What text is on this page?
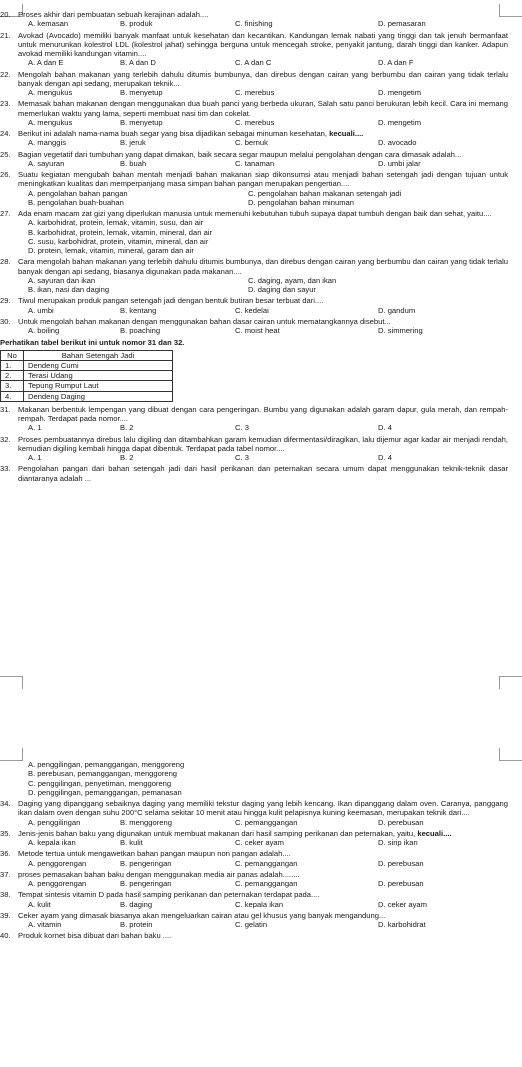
20. Proses akhir dari pembuatan sebuah kerajinan adalah....
A. kemasan	B. produk	C. finishing	D. pemasaran
21. Avokad (Avocado) memiliki banyak manfaat untuk kesehatan dan kecantikan. Kandungan lemak nabati yang tinggi dan tak jenuh bermanfaat untuk menurunkan kolestrol LDL (kolestrol jahat) sehingga berguna untuk mencegah stroke, penyakit jantung, darah tinggi dan kanker. Adapun avokad memiliki kandungan vitamin....
A. A dan E	B. A dan D	C. A dan C	D. A dan F
22. Mengolah bahan makanan yang terlebih dahulu ditumis bumbunya, dan direbus dengan cairan yang berbumbu dan cairan yang tidak terlalu banyak dengan api sedang, merupakan teknik...
A. mengukus	B. menyetup	C. merebus	D. mengetim
23. Memasak bahan makanan dengan menggunakan dua buah panci yang berbeda ukuran, Salah satu panci berukuran lebih kecil. Cara ini memang memerlukan waktu yang lama, seperti membuat nasi tim dan cokelat.
A. mengukus	B. menyetup	C. merebus	D. mengetim
24. Berikut ini adalah nama-nama buah segar yang bisa dijadikan sebagai minuman kesehatan, kecuali....
A. manggis	B. jeruk	C. bernuk	D. avocado
25. Bagian vegetatif dari tumbuhan yang dapat dimakan, baik secara segar maupun melalui pengolahan dengan cara dimasak adalah...
A. sayuran	B. buah	C. tanaman	D. umbi jalar
26. Suatu kegiatan mengubah bahan mentah menjadi bahan makanan siap dikonsumsi atau menjadi bahan setengah jadi dengan tujuan untuk meningkatkan kualitas dan memperpanjang masa simpan bahan pangan merupakan pengertian....
A. pengolahan bahan pangan	C. pengolahan bahan makanan setengah jadi
B. pengolahan buah-buahan	D. pengolahan bahan minuman
27. Ada enam macam zat gizi yang diperlukan manusia untuk memenuhi kebutuhan tubuh supaya dapat tumbuh dengan baik dan sehat, yaitu....
A. karbohidrat, protein, lemak, vitamin, susu, dan air
B. karbohidrat, protein, lemak, vitamin, mineral, dan air
C. susu, karbohidrat, protein, vitamin, mineral, dan air
D. protein, lemak, vitamin, mineral, garam dan air
28. Cara mengolah bahan makanan yang terlebih dahulu ditumis bumbunya, dan direbus dengan cairan yang berbumbu dan cairan yang tidak terlalu banyak dengan api sedang, biasanya digunakan pada makanan....
A. sayuran dan ikan	C. daging, ayam, dan ikan
B. ikan, nasi dan daging	D. daging dan sayur
29. Tiwul merupakan produk pangan setengah jadi dengan bentuk butiran besar terbuat dari....
A. umbi	B. kentang	C. kedelai	D. gandum
30. Untuk mengolah bahan makanan dengan menggunakan bahan dasar cairan untuk mematangkannya disebut...
A. boiling	B. poaching	C. moist heat	D. simmering
Perhatikan tabel berikut ini untuk nomor 31 dan 32.
No	Bahan Setengah Jadi
1.	Dendeng Cumi
2.	Terasi Udang
3.	Tepung Rumput Laut
4.	Dendeng Daging
31. Makanan berbentuk lempengan yang dibuat dengan cara pengeringan. Bumbu yang digunakan adalah garam dapur, gula merah, dan rempah-rempah. Terdapat pada nomor....
A. 1	B. 2	C. 3	D. 4
32. Proses pembuatannya direbus lalu digiling dan ditambahkan garam kemudian difermentasi/diragikan, lalu dijemur agar kadar air menjadi rendah, kemudian digiling kembali hingga dapat dibentuk. Terdapat pada tabel nomor....
A. 1	B. 2	C. 3	D. 4
33. Pengolahan pangan dari bahan setengah jadi dari hasil perikanan dan peternakan secara umum dapat menggunakan teknik-teknik dasar diantaranya adalah ...
A. penggilingan, pemanggangan, menggoreng
B. perebusan, pemanggangan, menggoreng
C. penggilingan, penyetiman, menggoreng
D. penggilingan, pemanggangan, pemanasan
34. Daging yang dipanggang sebaiknya daging yang memiliki tekstur daging yang lebih kencang. Ikan dipanggang dalam oven. Caranya, panggang ikan dalam oven dengan suhu 200°C selama sekitar 10 menit atau hingga kulit pelapisnya kuning keemasan, merupakan teknik dari....
A. penggilingan	B. menggoreng	C. pemanggangan	D. perebusan
35. Jenis-jenis bahan baku yang digunakan untuk membuat makanan dari hasil samping perikanan dan peternakan, yaitu, kecuali....
A. kepala ikan	B. kulit	C. ceker ayam	D. sirip ikan
36. Metode tertua untuk mengawetkan bahan pangan maupun non pangan adalah....
A. penggorengan	B. pengeringan	C. pemanggangan	D. perebusan
37. proses pemasakan bahan baku dengan menggunakan media air panas adalah........
A. penggorengan	B. pengeringan	C. pemanggangan	D. perebusan
38. Tempat sintesis vitamin D pada hasil samping perikanan dan peternakan terdapat pada....
A. kulit	B. daging	C. kepala ikan	D. ceker ayam
39. Ceker ayam yang dimasak biasanya akan mengeluarkan cairan atau gel khusus yang banyak mengandung...
A. vitamin	B. protein	C. gelatin	D. karbohidrat
40. Produk kornet bisa dibuat dari bahan baku ....
